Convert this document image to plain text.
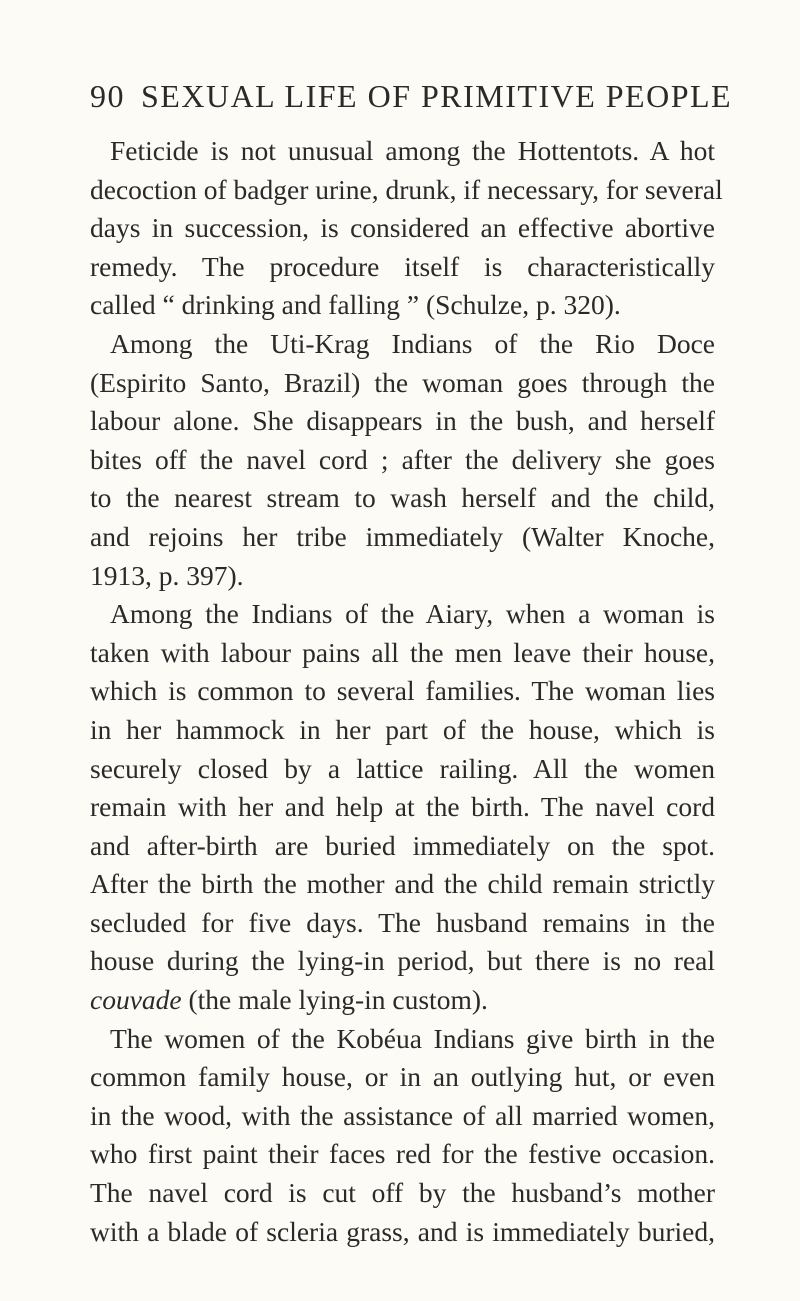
90 SEXUAL LIFE OF PRIMITIVE PEOPLE
Feticide is not unusual among the Hottentots. A hot
decoction of badger urine, drunk, if necessary, for several
days in succession, is considered an effective abortive
remedy. The procedure itself is characteristically
called “ drinking and falling ” (Schulze, p. 320).
Among the Uti-Krag Indians of the Rio Doce
(Espirito Santo, Brazil) the woman goes through the
labour alone. She disappears in the bush, and herself
bites off the navel cord ; after the delivery she goes
to the nearest stream to wash herself and the child,
and rejoins her tribe immediately (Walter Knoche,
1913, p. 397).
Among the Indians of the Aiary, when a woman is
taken with labour pains all the men leave their house,
which is common to several families. The woman lies
in her hammock in her part of the house, which is
securely closed by a lattice railing. All the women
remain with her and help at the birth. The navel cord
and after-birth are buried immediately on the spot.
After the birth the mother and the child remain strictly
secluded for five days. The husband remains in the
house during the lying-in period, but there is no real
couvade (the male lying-in custom).
The women of the Kobéua Indians give birth in the
common family house, or in an outlying hut, or even
in the wood, with the assistance of all married women,
who first paint their faces red for the festive occasion.
The navel cord is cut off by the husband’s mother
with a blade of scleria grass, and is immediately buried,
